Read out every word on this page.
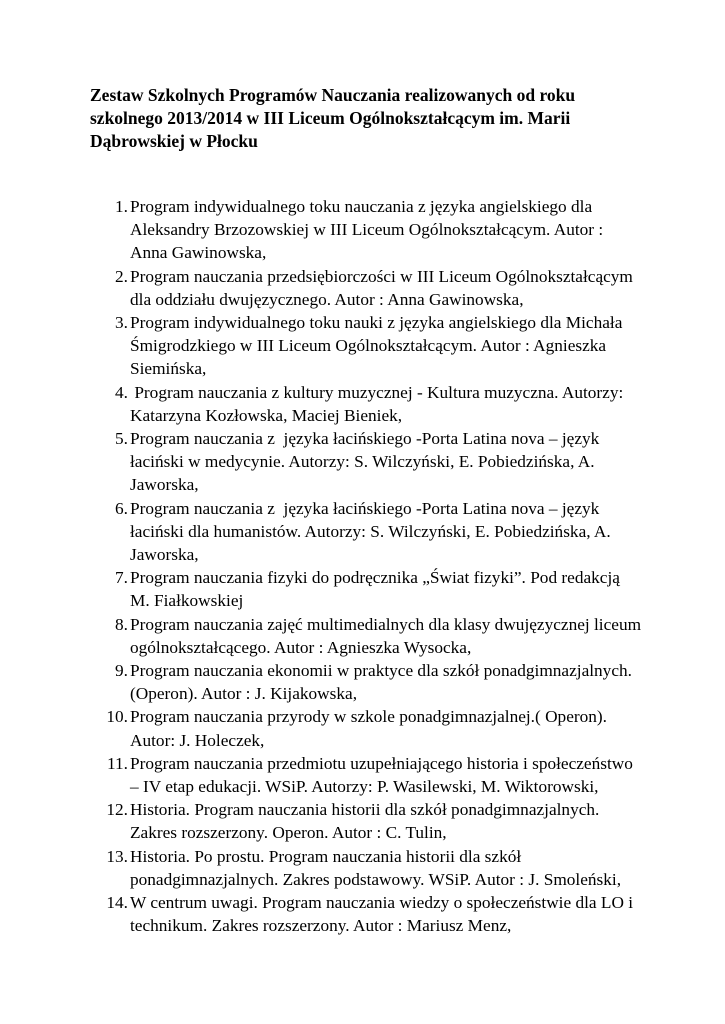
Zestaw Szkolnych Programów Nauczania realizowanych od roku
szkolnego 2013/2014 w III Liceum Ogólnokształcącym im. Marii
Dąbrowskiej w Płocku
1. Program indywidualnego toku nauczania z języka angielskiego dla
Aleksandry Brzozowskiej w III Liceum Ogólnokształcącym. Autor :
Anna Gawinowska,
2. Program nauczania przedsiębiorczości w III Liceum Ogólnokształcącym
dla oddziału dwujęzycznego. Autor : Anna Gawinowska,
3. Program indywidualnego toku nauki z języka angielskiego dla Michała
Śmigrodzkiego w III Liceum Ogólnokształcącym. Autor : Agnieszka
Siemińska,
4. Program nauczania z kultury muzycznej - Kultura muzyczna. Autorzy:
Katarzyna Kozłowska, Maciej Bieniek,
5. Program nauczania z  języka łacińskiego -Porta Latina nova – język
łaciński w medycynie. Autorzy: S. Wilczyński, E. Pobiedzińska, A.
Jaworska,
6. Program nauczania z  języka łacińskiego -Porta Latina nova – język
łaciński dla humanistów. Autorzy: S. Wilczyński, E. Pobiedzińska, A.
Jaworska,
7. Program nauczania fizyki do podręcznika „Świat fizyki”. Pod redakcją
M. Fiałkowskiej
8. Program nauczania zajęć multimedialnych dla klasy dwujęzycznej liceum
ogólnokształcącego. Autor : Agnieszka Wysocka,
9. Program nauczania ekonomii w praktyce dla szkół ponadgimnazjalnych.
(Operon). Autor : J. Kijakowska,
10. Program nauczania przyrody w szkole ponadgimnazjalnej.( Operon).
Autor: J. Holeczek,
11. Program nauczania przedmiotu uzupełniającego historia i społeczeństwo
– IV etap edukacji. WSiP. Autorzy: P. Wasilewski, M. Wiktorowski,
12. Historia. Program nauczania historii dla szkół ponadgimnazjalnych.
Zakres rozszerzony. Operon. Autor : C. Tulin,
13. Historia. Po prostu. Program nauczania historii dla szkół
ponadgimnazjalnych. Zakres podstawowy. WSiP. Autor : J. Smoleński,
14. W centrum uwagi. Program nauczania wiedzy o społeczeństwie dla LO i
technikum. Zakres rozszerzony. Autor : Mariusz Menz,
